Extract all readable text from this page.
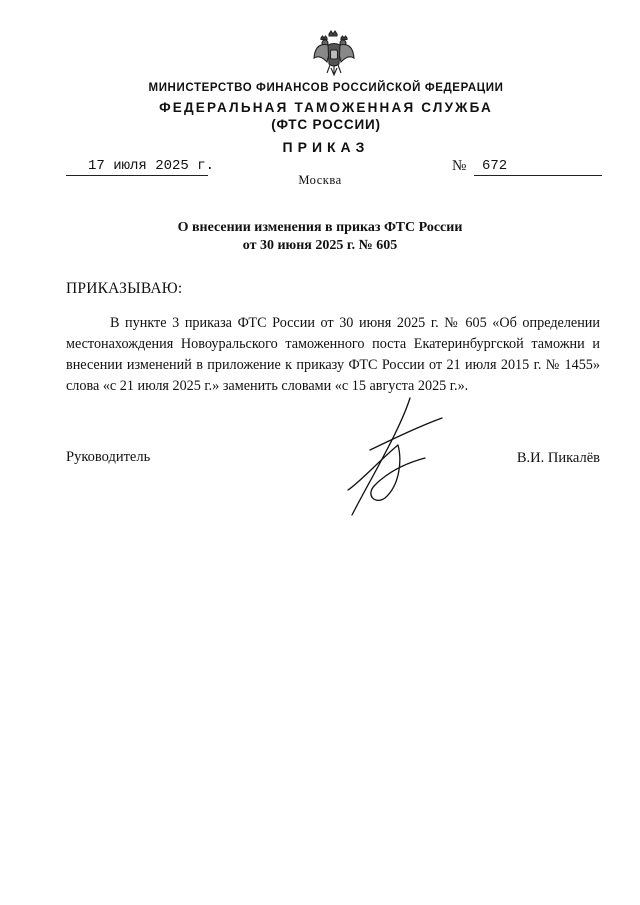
МИНИСТЕРСТВО ФИНАНСОВ РОССИЙСКОЙ ФЕДЕРАЦИИ
ФЕДЕРАЛЬНАЯ ТАМОЖЕННАЯ СЛУЖБА
(ФТС РОССИИ)
ПРИКАЗ
17 июля 2025 г.	№	672
Москва
О внесении изменения в приказ ФТС России
от 30 июня 2025 г. № 605
ПРИКАЗЫВАЮ:
В пункте 3 приказа ФТС России от 30 июня 2025 г. № 605 «Об определении местонахождения Новоуральского таможенного поста Екатеринбургской таможни и внесении изменений в приложение к приказу ФТС России от 21 июля 2015 г. № 1455» слова «с 21 июля 2025 г.» заменить словами «с 15 августа 2025 г.».
Руководитель	В.И. Пикалёв
